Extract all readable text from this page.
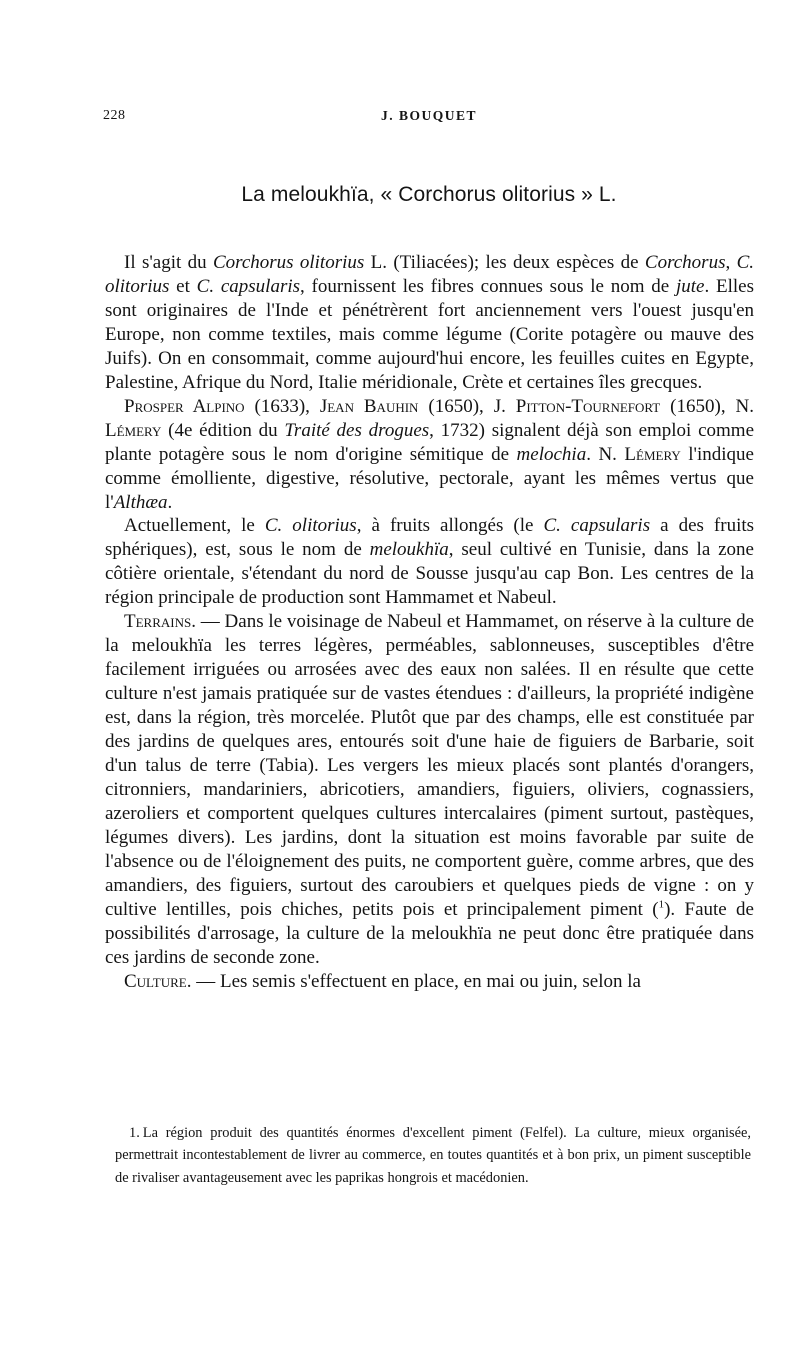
228	J. BOUQUET
La meloukhïa, « Corchorus olitorius » L.

Il s'agit du Corchorus olitorius L. (Tiliacées); les deux espèces de Corchorus, C. olitorius et C. capsularis, fournissent les fibres connues sous le nom de jute. Elles sont originaires de l'Inde et pénétrèrent fort anciennement vers l'ouest jusqu'en Europe, non comme textiles, mais comme légume (Corite potagère ou mauve des Juifs). On en consommait, comme aujourd'hui encore, les feuilles cuites en Egypte, Palestine, Afrique du Nord, Italie méridionale, Crète et certaines îles grecques.

Prosper Alpino (1633), Jean Bauhin (1650), J. Pitton-Tournefort (1650), N. Lémery (4e édition du Traité des drogues, 1732) signalent déjà son emploi comme plante potagère sous le nom d'origine sémitique de melochia. N. Lémery l'indique comme émolliente, digestive, résolutive, pectorale, ayant les mêmes vertus que l'Althæa.

Actuellement, le C. olitorius, à fruits allongés (le C. capsularis a des fruits sphériques), est, sous le nom de meloukhïa, seul cultivé en Tunisie, dans la zone côtière orientale, s'étendant du nord de Sousse jusqu'au cap Bon. Les centres de la région principale de production sont Hammamet et Nabeul.

Terrains. — Dans le voisinage de Nabeul et Hammamet, on réserve à la culture de la meloukhïa les terres légères, perméables, sablonneuses, susceptibles d'être facilement irriguées ou arrosées avec des eaux non salées. Il en résulte que cette culture n'est jamais pratiquée sur de vastes étendues : d'ailleurs, la propriété indigène est, dans la région, très morcelée. Plutôt que par des champs, elle est constituée par des jardins de quelques ares, entourés soit d'une haie de figuiers de Barbarie, soit d'un talus de terre (Tabia). Les vergers les mieux placés sont plantés d'orangers, citronniers, mandariniers, abricotiers, amandiers, figuiers, oliviers, cognassiers, azeroliers et comportent quelques cultures intercalaires (piment surtout, pastèques, légumes divers). Les jardins, dont la situation est moins favorable par suite de l'absence ou de l'éloignement des puits, ne comportent guère, comme arbres, que des amandiers, des figuiers, surtout des caroubiers et quelques pieds de vigne : on y cultive lentilles, pois chiches, petits pois et principalement piment ($^1$). Faute de possibilités d'arrosage, la culture de la meloukhïa ne peut donc être pratiquée dans ces jardins de seconde zone.

Culture. — Les semis s'effectuent en place, en mai ou juin, selon la

1. La région produit des quantités énormes d'excellent piment (Felfel). La culture, mieux organisée, permettrait incontestablement de livrer au commerce, en toutes quantités et à bon prix, un piment susceptible de rivaliser avantageusement avec les paprikas hongrois et macédonien.
